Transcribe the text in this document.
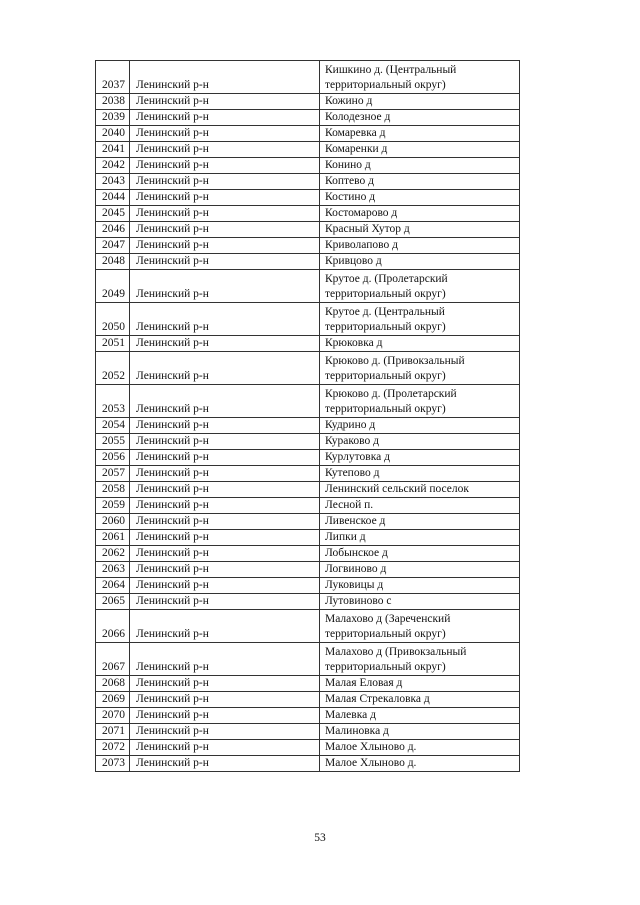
2037	Ленинский р-н	Кишкино д. (Центральный территориальный округ)
2038	Ленинский р-н	Кожино д
2039	Ленинский р-н	Колодезное д
2040	Ленинский р-н	Комаревка д
2041	Ленинский р-н	Комаренки д
2042	Ленинский р-н	Конино д
2043	Ленинский р-н	Коптево д
2044	Ленинский р-н	Костино д
2045	Ленинский р-н	Костомарово д
2046	Ленинский р-н	Красный Хутор д
2047	Ленинский р-н	Криволапово д
2048	Ленинский р-н	Кривцово д
2049	Ленинский р-н	Крутое д. (Пролетарский территориальный округ)
2050	Ленинский р-н	Крутое д. (Центральный территориальный округ)
2051	Ленинский р-н	Крюковка д
2052	Ленинский р-н	Крюково д. (Привокзальный территориальный округ)
2053	Ленинский р-н	Крюково д. (Пролетарский территориальный округ)
2054	Ленинский р-н	Кудрино д
2055	Ленинский р-н	Кураково д
2056	Ленинский р-н	Курлутовка д
2057	Ленинский р-н	Кутепово д
2058	Ленинский р-н	Ленинский сельский поселок
2059	Ленинский р-н	Лесной п.
2060	Ленинский р-н	Ливенское д
2061	Ленинский р-н	Липки д
2062	Ленинский р-н	Лобынское д
2063	Ленинский р-н	Логвиново д
2064	Ленинский р-н	Луковицы д
2065	Ленинский р-н	Лутовиново с
2066	Ленинский р-н	Малахово д (Зареченский территориальный округ)
2067	Ленинский р-н	Малахово д (Привокзальный территориальный округ)
2068	Ленинский р-н	Малая Еловая д
2069	Ленинский р-н	Малая Стрекаловка д
2070	Ленинский р-н	Малевка д
2071	Ленинский р-н	Малиновка д
2072	Ленинский р-н	Малое Хлыново д.
2073	Ленинский р-н	Малое Хлыново д.
53
